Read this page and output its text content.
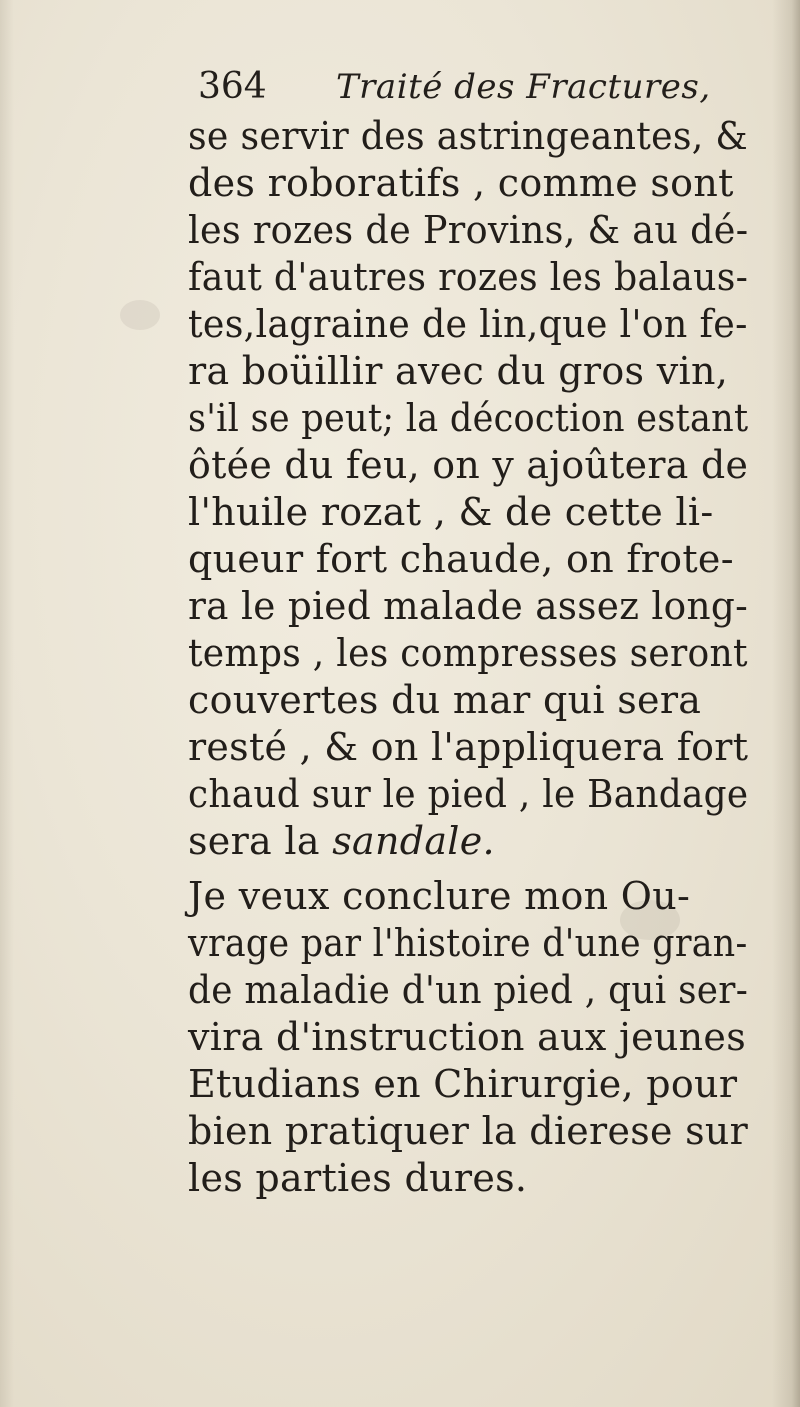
364 Traité des Fractures,
se servir des astringeantes, &
des roboratifs , comme sont
les rozes de Provins, & au dé-
faut d'autres rozes les balaus-
tes,lagraine de lin,que l'on fe-
ra boüillir avec du gros vin,
s'il se peut; la décoction estant
ôtée du feu, on y ajoûtera de
l'huile rozat , & de cette li-
queur fort chaude, on frote-
ra le pied malade assez long-
temps , les compresses seront
couvertes du mar qui sera
resté , & on l'appliquera fort
chaud sur le pied , le Bandage
sera la sandale.
Je veux conclure mon Ou-
vrage par l'histoire d'une gran-
de maladie d'un pied , qui ser-
vira d'instruction aux jeunes
Etudians en Chirurgie, pour
bien pratiquer la dierese sur
les parties dures.
